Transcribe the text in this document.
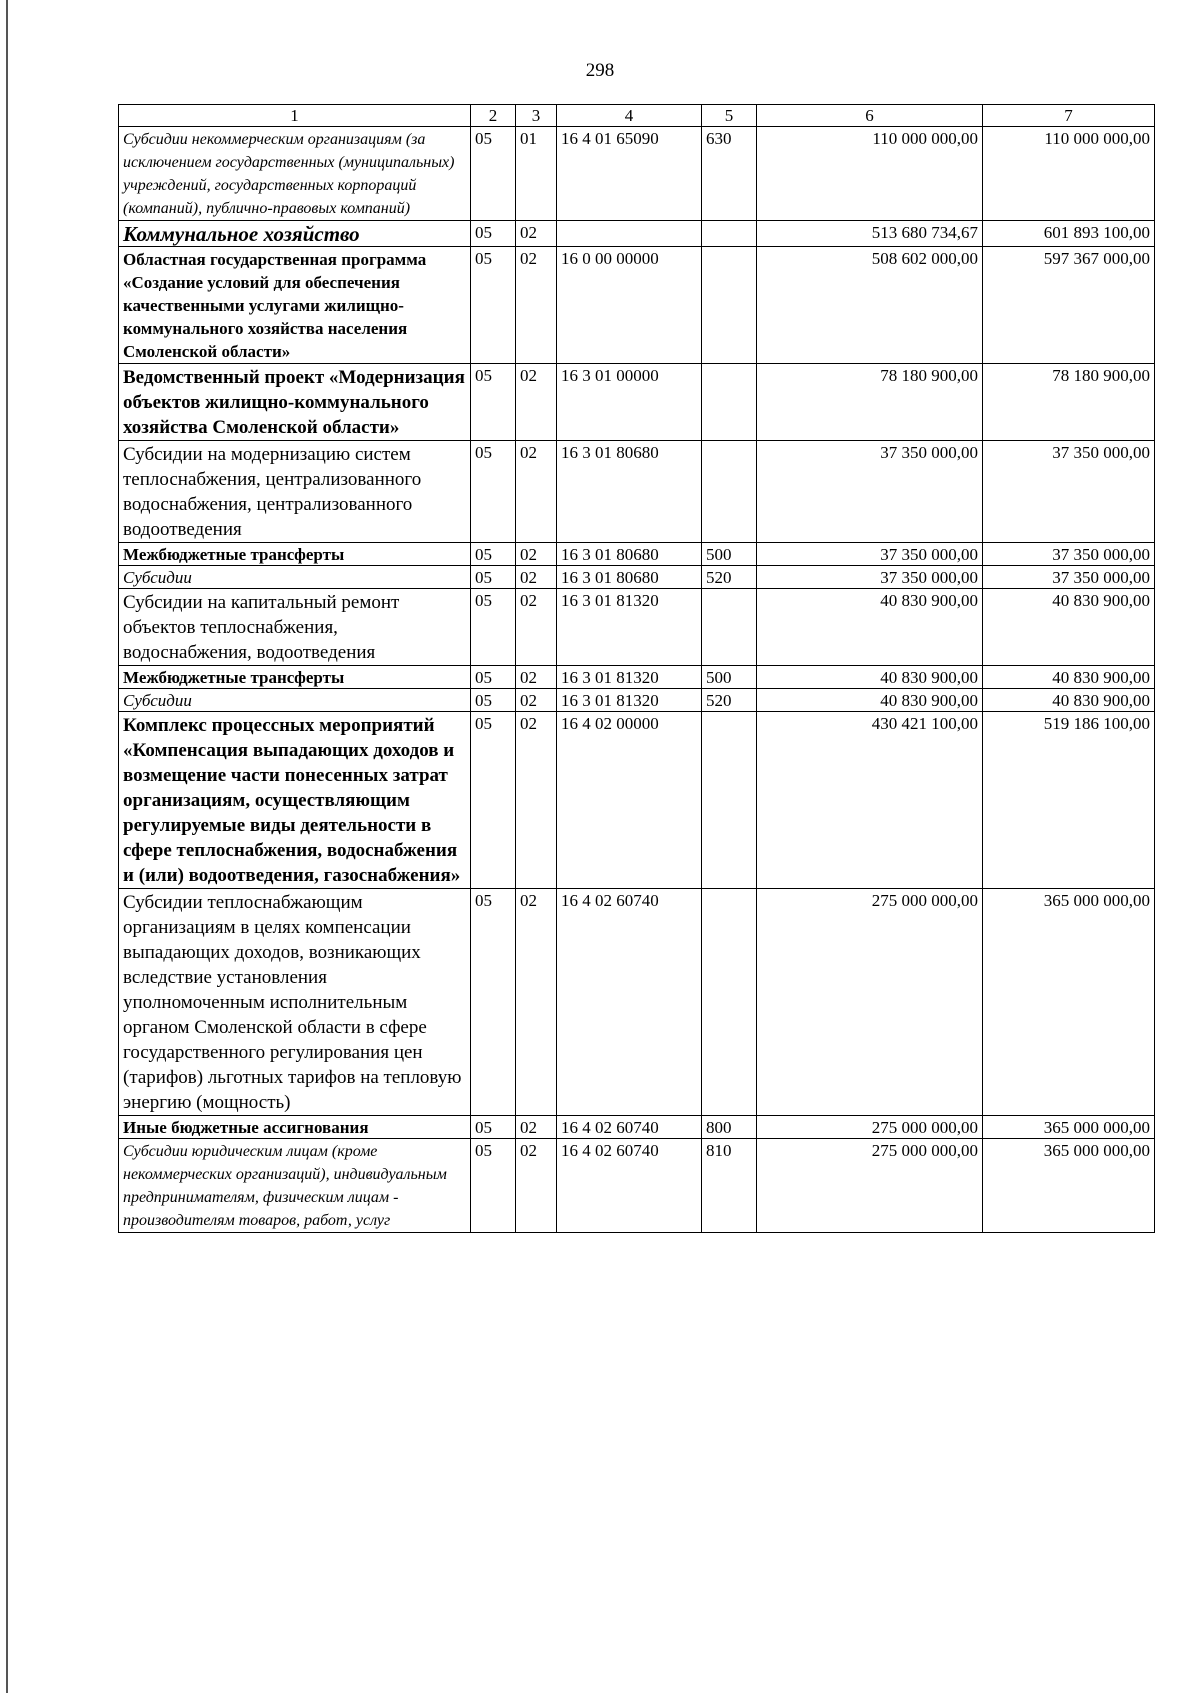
298
1	2	3	4	5	6	7
Субсидии некоммерческим организациям (за исключением государственных (муниципальных) учреждений, государственных корпораций (компаний), публично-правовых компаний)	05	01	16 4 01 65090	630	110 000 000,00	110 000 000,00
Коммунальное хозяйство	05	02			513 680 734,67	601 893 100,00
Областная государственная программа «Создание условий для обеспечения качественными услугами жилищно-коммунального хозяйства населения Смоленской области»	05	02	16 0 00 00000		508 602 000,00	597 367 000,00
Ведомственный проект «Модернизация объектов жилищно-коммунального хозяйства Смоленской области»	05	02	16 3 01 00000		78 180 900,00	78 180 900,00
Субсидии на модернизацию систем теплоснабжения, централизованного водоснабжения, централизованного водоотведения	05	02	16 3 01 80680		37 350 000,00	37 350 000,00
Межбюджетные трансферты	05	02	16 3 01 80680	500	37 350 000,00	37 350 000,00
Субсидии	05	02	16 3 01 80680	520	37 350 000,00	37 350 000,00
Субсидии на капитальный ремонт объектов теплоснабжения, водоснабжения, водоотведения	05	02	16 3 01 81320		40 830 900,00	40 830 900,00
Межбюджетные трансферты	05	02	16 3 01 81320	500	40 830 900,00	40 830 900,00
Субсидии	05	02	16 3 01 81320	520	40 830 900,00	40 830 900,00
Комплекс процессных мероприятий «Компенсация выпадающих доходов и возмещение части понесенных затрат организациям, осуществляющим регулируемые виды деятельности в сфере теплоснабжения, водоснабжения и (или) водоотведения, газоснабжения»	05	02	16 4 02 00000		430 421 100,00	519 186 100,00
Субсидии теплоснабжающим организациям в целях компенсации выпадающих доходов, возникающих вследствие установления уполномоченным исполнительным органом Смоленской области в сфере государственного регулирования цен (тарифов) льготных тарифов на тепловую энергию (мощность)	05	02	16 4 02 60740		275 000 000,00	365 000 000,00
Иные бюджетные ассигнования	05	02	16 4 02 60740	800	275 000 000,00	365 000 000,00
Субсидии юридическим лицам (кроме некоммерческих организаций), индивидуальным предпринимателям, физическим лицам - производителям товаров, работ, услуг	05	02	16 4 02 60740	810	275 000 000,00	365 000 000,00
